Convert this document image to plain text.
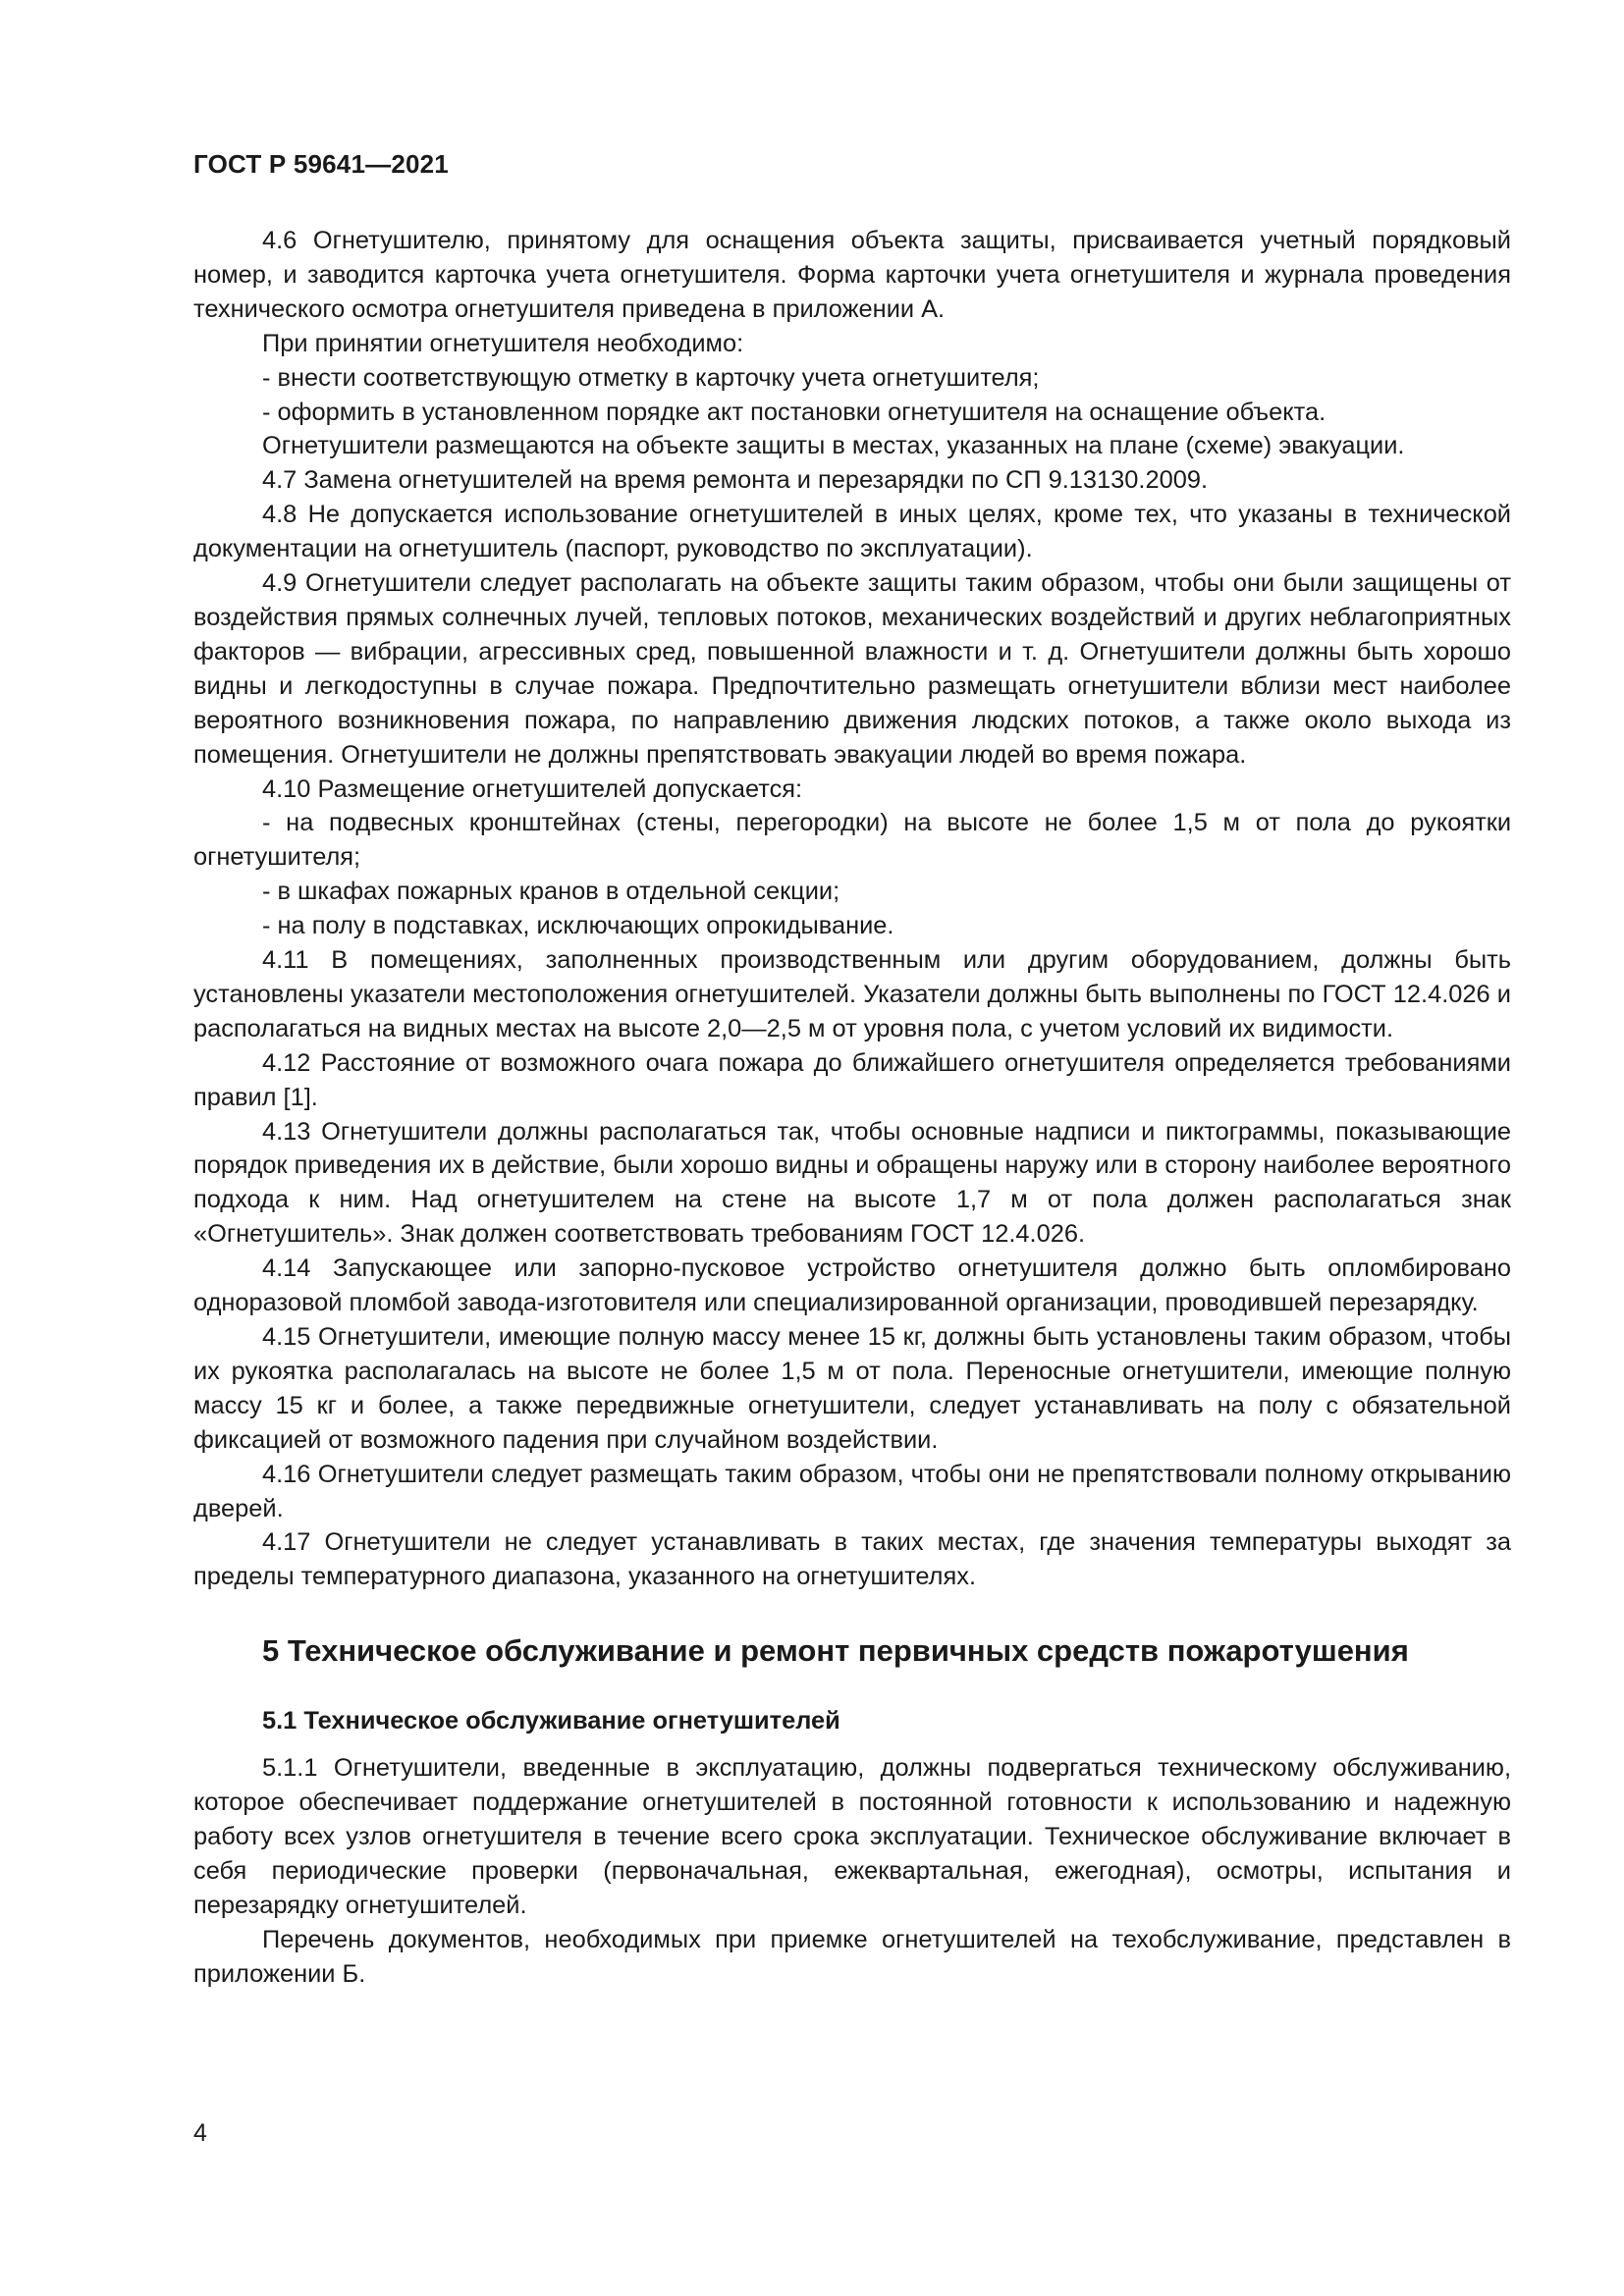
ГОСТ Р 59641—2021

4.6 Огнетушителю, принятому для оснащения объекта защиты, присваивается учетный порядковый номер, и заводится карточка учета огнетушителя. Форма карточки учета огнетушителя и журнала проведения технического осмотра огнетушителя приведена в приложении А.

При принятии огнетушителя необходимо:

- внести соответствующую отметку в карточку учета огнетушителя;

- оформить в установленном порядке акт постановки огнетушителя на оснащение объекта.

Огнетушители размещаются на объекте защиты в местах, указанных на плане (схеме) эвакуации.

4.7 Замена огнетушителей на время ремонта и перезарядки по СП 9.13130.2009.

4.8 Не допускается использование огнетушителей в иных целях, кроме тех, что указаны в технической документации на огнетушитель (паспорт, руководство по эксплуатации).

4.9 Огнетушители следует располагать на объекте защиты таким образом, чтобы они были защищены от воздействия прямых солнечных лучей, тепловых потоков, механических воздействий и других неблагоприятных факторов — вибрации, агрессивных сред, повышенной влажности и т. д. Огнетушители должны быть хорошо видны и легкодоступны в случае пожара. Предпочтительно размещать огнетушители вблизи мест наиболее вероятного возникновения пожара, по направлению движения людских потоков, а также около выхода из помещения. Огнетушители не должны препятствовать эвакуации людей во время пожара.

4.10 Размещение огнетушителей допускается:

- на подвесных кронштейнах (стены, перегородки) на высоте не более 1,5 м от пола до рукоятки огнетушителя;

- в шкафах пожарных кранов в отдельной секции;

- на полу в подставках, исключающих опрокидывание.

4.11 В помещениях, заполненных производственным или другим оборудованием, должны быть установлены указатели местоположения огнетушителей. Указатели должны быть выполнены по ГОСТ 12.4.026 и располагаться на видных местах на высоте 2,0—2,5 м от уровня пола, с учетом условий их видимости.

4.12 Расстояние от возможного очага пожара до ближайшего огнетушителя определяется требованиями правил [1].

4.13 Огнетушители должны располагаться так, чтобы основные надписи и пиктограммы, показывающие порядок приведения их в действие, были хорошо видны и обращены наружу или в сторону наиболее вероятного подхода к ним. Над огнетушителем на стене на высоте 1,7 м от пола должен располагаться знак «Огнетушитель». Знак должен соответствовать требованиям ГОСТ 12.4.026.

4.14 Запускающее или запорно-пусковое устройство огнетушителя должно быть опломбировано одноразовой пломбой завода-изготовителя или специализированной организации, проводившей перезарядку.

4.15 Огнетушители, имеющие полную массу менее 15 кг, должны быть установлены таким образом, чтобы их рукоятка располагалась на высоте не более 1,5 м от пола. Переносные огнетушители, имеющие полную массу 15 кг и более, а также передвижные огнетушители, следует устанавливать на полу с обязательной фиксацией от возможного падения при случайном воздействии.

4.16 Огнетушители следует размещать таким образом, чтобы они не препятствовали полному открыванию дверей.

4.17 Огнетушители не следует устанавливать в таких местах, где значения температуры выходят за пределы температурного диапазона, указанного на огнетушителях.

5 Техническое обслуживание и ремонт первичных средств пожаротушения
5.1 Техническое обслуживание огнетушителей

5.1.1 Огнетушители, введенные в эксплуатацию, должны подвергаться техническому обслуживанию, которое обеспечивает поддержание огнетушителей в постоянной готовности к использованию и надежную работу всех узлов огнетушителя в течение всего срока эксплуатации. Техническое обслуживание включает в себя периодические проверки (первоначальная, ежеквартальная, ежегодная), осмотры, испытания и перезарядку огнетушителей.

Перечень документов, необходимых при приемке огнетушителей на техобслуживание, представлен в приложении Б.

4
